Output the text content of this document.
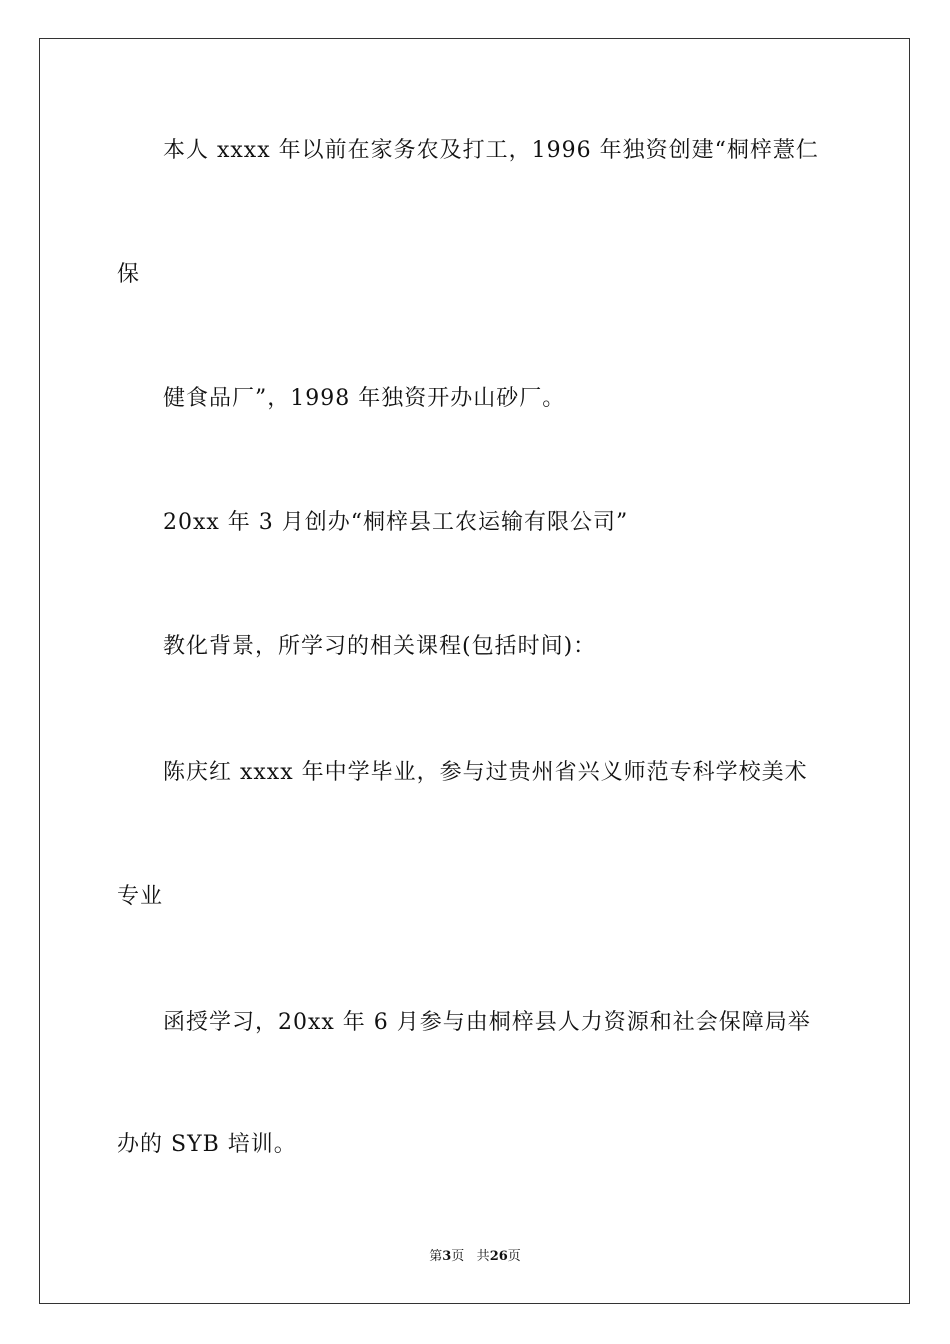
本人 xxxx 年以前在家务农及打工，1996 年独资创建“桐梓薏仁
保
健食品厂”，1998 年独资开办山砂厂。
20xx 年 3 月创办“桐梓县工农运输有限公司”
教化背景，所学习的相关课程(包括时间)：
陈庆红 xxxx 年中学毕业，参与过贵州省兴义师范专科学校美术
专业
函授学习，20xx 年 6 月参与由桐梓县人力资源和社会保障局举
办的 SYB 培训。
第3页 共26页
